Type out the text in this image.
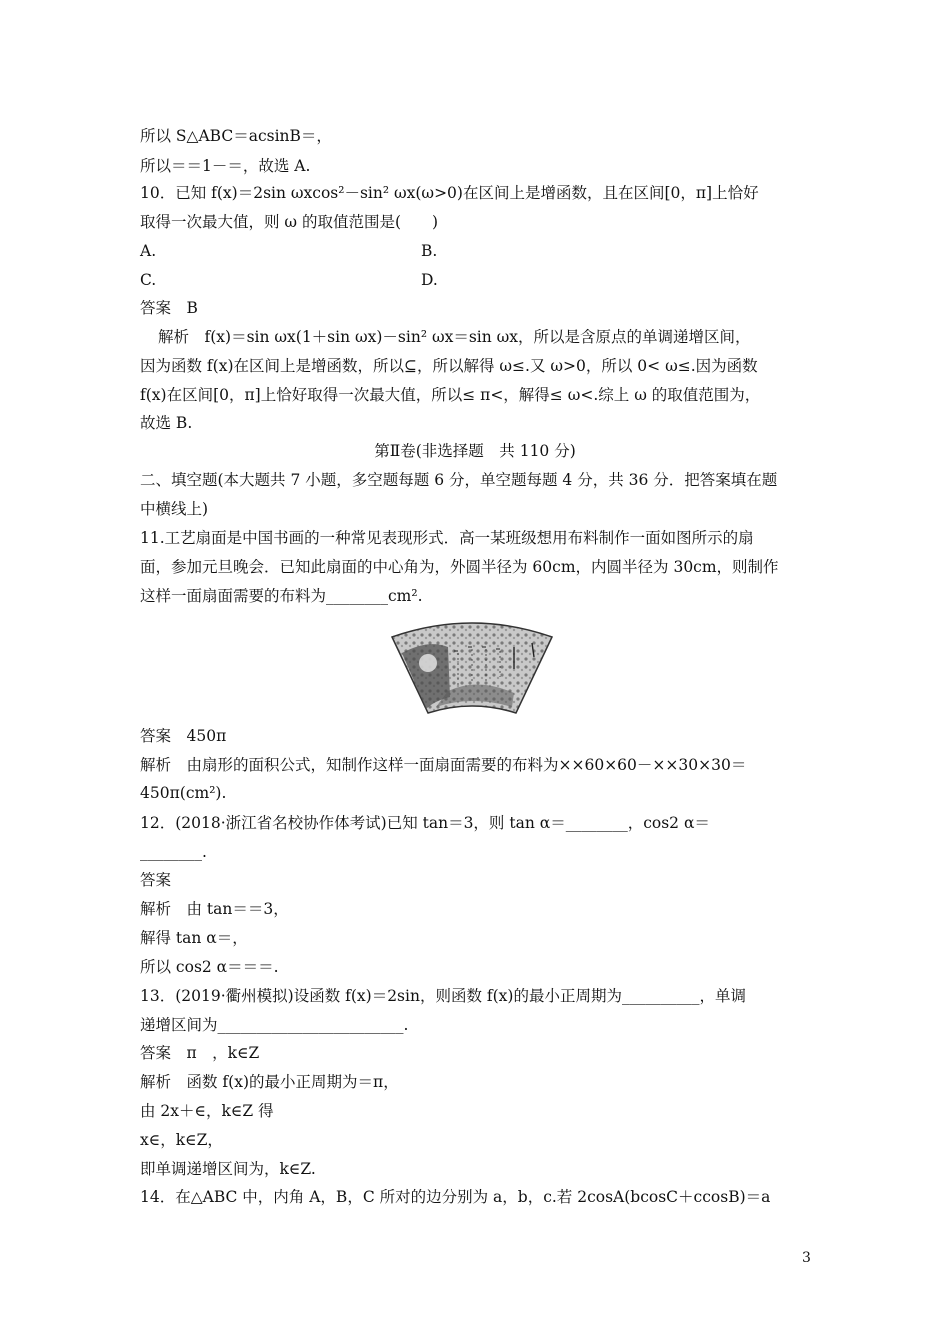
所以 S△ABC＝acsinB＝，
所以＝＝1－＝，故选 A.
10．已知 f(x)＝2sin ωxcos²－sin² ωx(ω>0)在区间上是增函数，且在区间[0，π]上恰好
取得一次最大值，则 ω 的取值范围是(　　)
A.	B.
C.	D.
答案　B
解析　f(x)＝sin ωx(1＋sin ωx)－sin² ωx＝sin ωx，所以是含原点的单调递增区间，
因为函数 f(x)在区间上是增函数，所以⊆，所以解得 ω≤.又 ω>0，所以 0< ω≤.因为函数
f(x)在区间[0，π]上恰好取得一次最大值，所以≤ π<，解得≤ ω<.综上 ω 的取值范围为，
故选 B.
第Ⅱ卷(非选择题　共 110 分)
二、填空题(本大题共 7 小题，多空题每题 6 分，单空题每题 4 分，共 36 分．把答案填在题
中横线上)
11.工艺扇面是中国书画的一种常见表现形式．高一某班级想用布料制作一面如图所示的扇
面，参加元旦晚会．已知此扇面的中心角为，外圆半径为 60cm，内圆半径为 30cm，则制作
这样一面扇面需要的布料为________cm².
答案　450π
解析　由扇形的面积公式，知制作这样一面扇面需要的布料为××60×60－××30×30＝
450π(cm²).
12．(2018·浙江省名校协作体考试)已知 tan＝3，则 tan α＝________，cos2 α＝
________.
答案
解析　由 tan＝＝3，
解得 tan α＝，
所以 cos2 α＝＝＝.
13．(2019·衢州模拟)设函数 f(x)＝2sin，则函数 f(x)的最小正周期为__________，单调
递增区间为________________________.
答案　π　，k∈Z
解析　函数 f(x)的最小正周期为＝π，
由 2x＋∈，k∈Z 得
x∈，k∈Z，
即单调递增区间为，k∈Z.
14．在△ABC 中，内角 A，B，C 所对的边分别为 a，b，c.若 2cosA(bcosC＋ccosB)＝a
3
